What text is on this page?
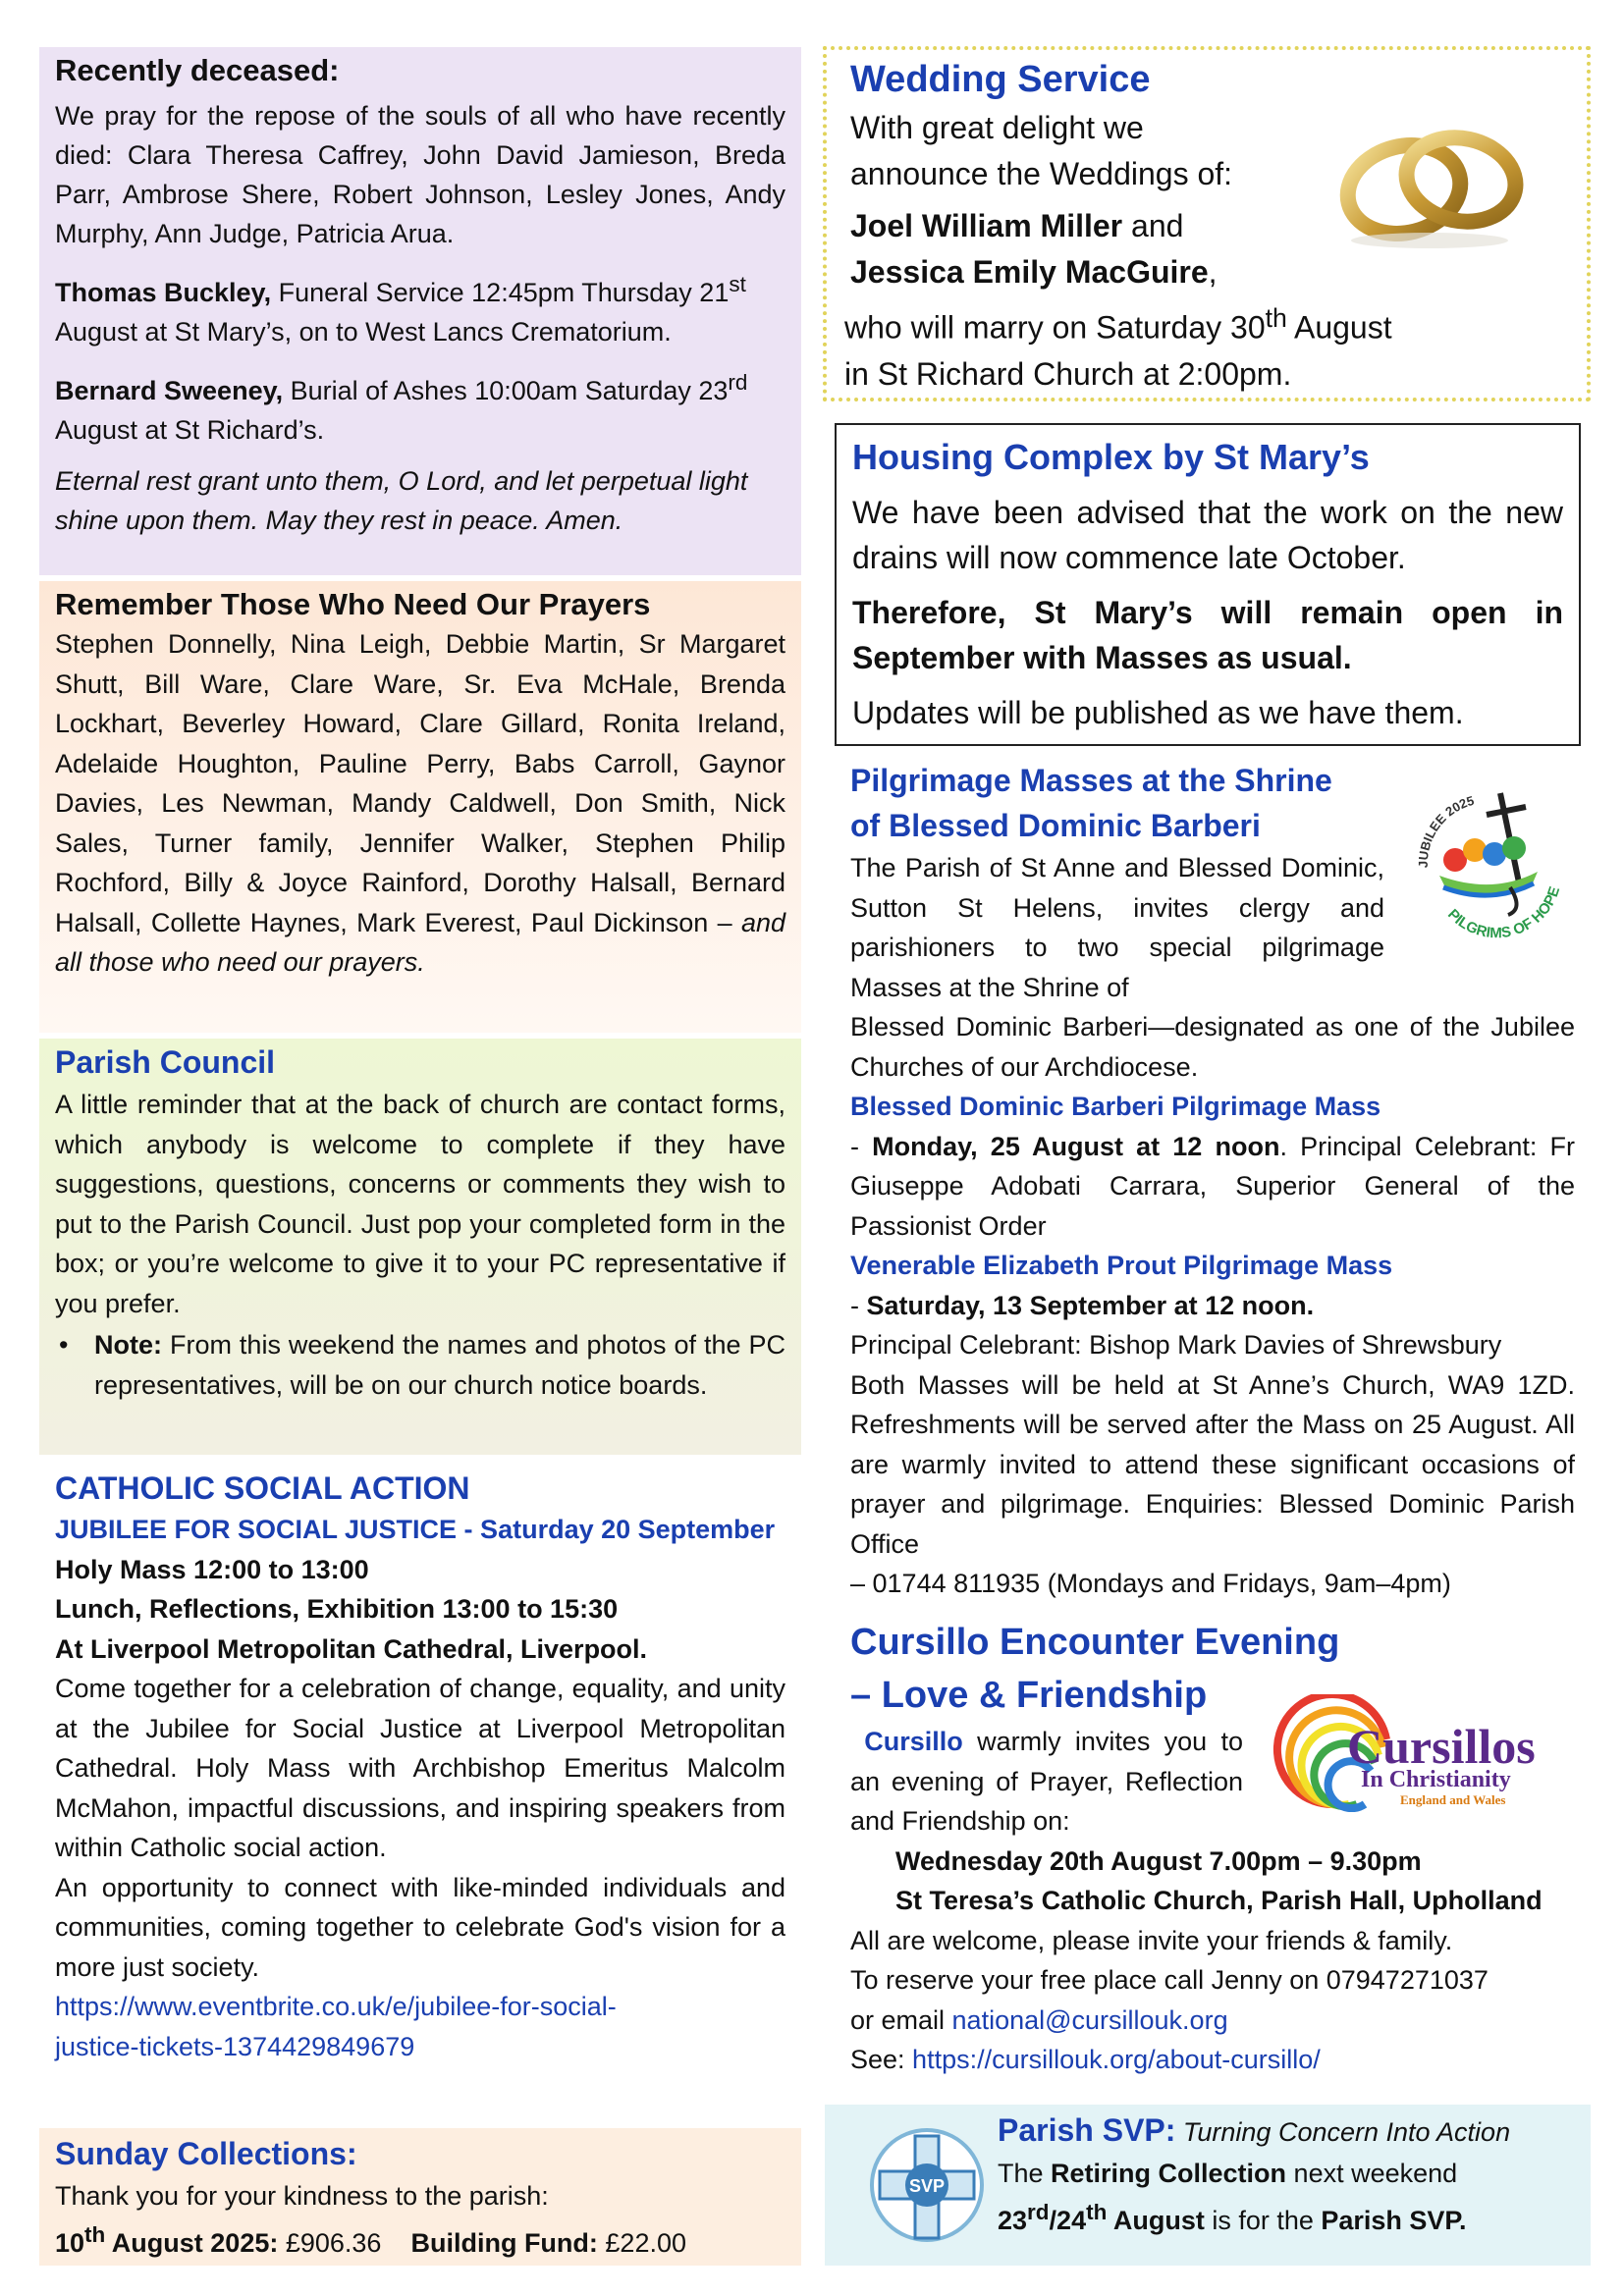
Recently deceased:

We pray for the repose of the souls of all who have recently died: Clara Theresa Caffrey, John David Jamieson, Breda Parr, Ambrose Shere, Robert Johnson, Lesley Jones, Andy Murphy, Ann Judge, Patricia Arua.

Thomas Buckley, Funeral Service 12:45pm Thursday 21st August at St Mary’s, on to West Lancs Crematorium.

Bernard Sweeney, Burial of Ashes 10:00am Saturday 23rd August at St Richard’s.

Eternal rest grant unto them, O Lord, and let perpetual light shine upon them. May they rest in peace. Amen.

Remember Those Who Need Our Prayers

Stephen Donnelly, Nina Leigh, Debbie Martin, Sr Margaret Shutt, Bill Ware, Clare Ware, Sr. Eva McHale, Brenda Lockhart, Beverley Howard, Clare Gillard, Ronita Ireland, Adelaide Houghton, Pauline Perry, Babs Carroll, Gaynor Davies, Les Newman, Mandy Caldwell, Don Smith, Nick Sales, Turner family, Jennifer Walker, Stephen Philip Rochford, Billy & Joyce Rainford, Dorothy Halsall, Bernard Halsall, Collette Haynes, Mark Everest, Paul Dickinson – and all those who need our prayers.

Parish Council

A little reminder that at the back of church are contact forms, which anybody is welcome to complete if they have suggestions, questions, concerns or comments they wish to put to the Parish Council. Just pop your completed form in the box; or you’re welcome to give it to your PC representative if you prefer.

• Note: From this weekend the names and photos of the PC representatives, will be on our church notice boards.

CATHOLIC SOCIAL ACTION

JUBILEE FOR SOCIAL JUSTICE - Saturday 20 September

Holy Mass 12:00 to 13:00

Lunch, Reflections, Exhibition 13:00 to 15:30

At Liverpool Metropolitan Cathedral, Liverpool.

Come together for a celebration of change, equality, and unity at the Jubilee for Social Justice at Liverpool Metropolitan Cathedral. Holy Mass with Archbishop Emeritus Malcolm McMahon, impactful discussions, and inspiring speakers from within Catholic social action.

An opportunity to connect with like-minded individuals and communities, coming together to celebrate God's vision for a more just society.

https://www.eventbrite.co.uk/e/jubilee-for-social-
justice-tickets-1374429849679

Sunday Collections:

Thank you for your kindness to the parish:

10th August 2025: £906.36 Building Fund: £22.00

Wedding Service

With great delight we

announce the Weddings of:

Joel William Miller and

Jessica Emily MacGuire,

who will marry on Saturday 30th August

in St Richard Church at 2:00pm.

Housing Complex by St Mary’s

We have been advised that the work on the new drains will now commence late October.

Therefore, St Mary’s will remain open in September with Masses as usual.

Updates will be published as we have them.

Pilgrimage Masses at the Shrine
of Blessed Dominic Barberi

The Parish of St Anne and Blessed Dominic, Sutton St Helens, invites clergy and parishioners to two special pilgrimage Masses at the Shrine of

Blessed Dominic Barberi—designated as one of the Jubilee Churches of our Archdiocese.

Blessed Dominic Barberi Pilgrimage Mass

- Monday, 25 August at 12 noon. Principal Celebrant: Fr Giuseppe Adobati Carrara, Superior General of the Passionist Order

Venerable Elizabeth Prout Pilgrimage Mass

- Saturday, 13 September at 12 noon.

Principal Celebrant: Bishop Mark Davies of Shrewsbury

Both Masses will be held at St Anne’s Church, WA9 1ZD. Refreshments will be served after the Mass on 25 August. All are warmly invited to attend these significant occasions of prayer and pilgrimage. Enquiries: Blessed Dominic Parish Office

– 01744 811935 (Mondays and Fridays, 9am–4pm)

JUBILEE 2025
PILGRIMS OF HOPE
Cursillo Encounter Evening
– Love & Friendship

Cursillo warmly invites you to an evening of Prayer, Reflection and Friendship on:

Wednesday 20th August 7.00pm – 9.30pm

St Teresa’s Catholic Church, Parish Hall, Upholland

All are welcome, please invite your friends & family.

To reserve your free place call Jenny on 07947271037

or email national@cursillouk.org

See: https://cursillouk.org/about-cursillo/

Cursillos
In Christianity
England and Wales
Parish SVP: Turning Concern Into Action

The Retiring Collection next weekend

23rd/24th August is for the Parish SVP.

SVP
